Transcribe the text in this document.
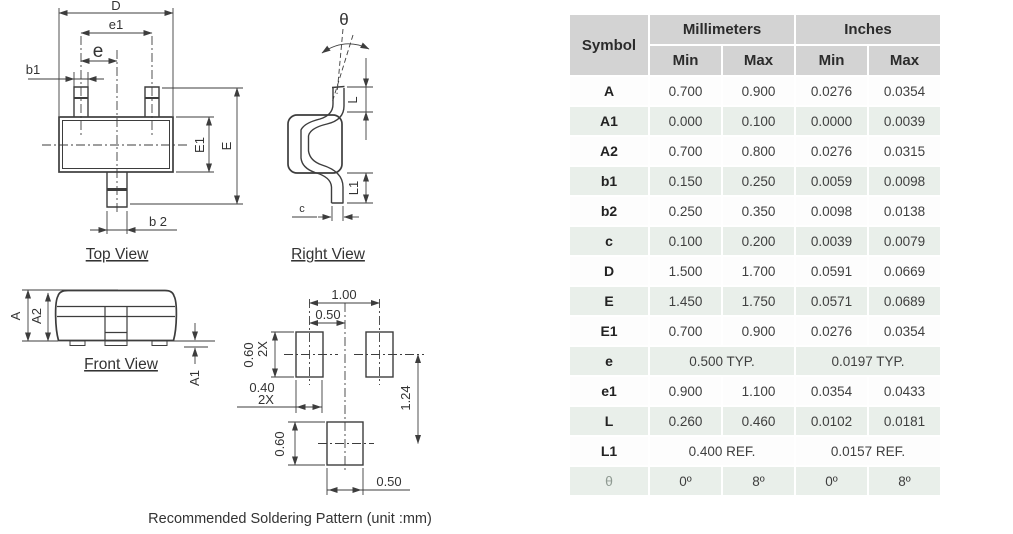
D
e1
e
b1
b 2
E1 E
Top View
θ
L
L1
c
Right View
A A2
A1
Front View
1.00
0.50
0.60 2X
0.40
2X	1.24
0.60
0.50
Recommended Soldering Pattern (unit :mm)
Symbol	Millimeters		Inches	
	Min	Max	Min	Max
A	0.700	0.900	0.0276	0.0354
A1	0.000	0.100	0.0000	0.0039
A2	0.700	0.800	0.0276	0.0315
b1	0.150	0.250	0.0059	0.0098
b2	0.250	0.350	0.0098	0.0138
c	0.100	0.200	0.0039	0.0079
D	1.500	1.700	0.0591	0.0669
E	1.450	1.750	0.0571	0.0689
E1	0.700	0.900	0.0276	0.0354
e	0.500 TYP.		0.0197 TYP.	
e1	0.900	1.100	0.0354	0.0433
L	0.260	0.460	0.0102	0.0181
L1	0.400 REF.		0.0157 REF.	
θ	0º	8º	0º	8º
